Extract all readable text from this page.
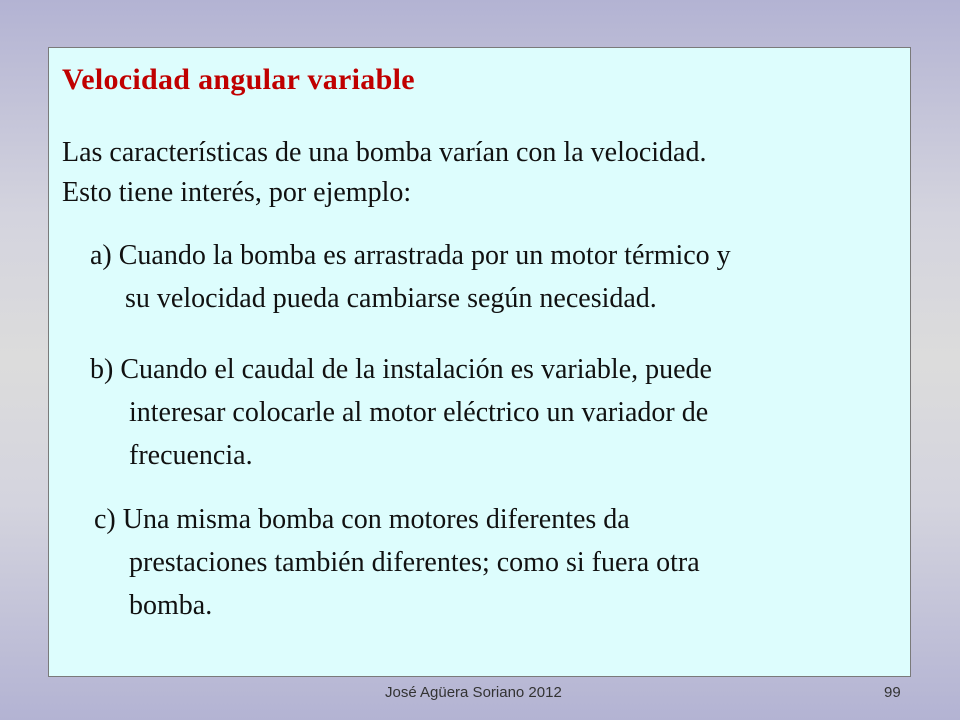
Velocidad angular variable

Las características de una bomba varían con la velocidad.
Esto tiene interés, por ejemplo:

a) Cuando la bomba es arrastrada por un motor térmico y
su velocidad pueda cambiarse según necesidad.

b) Cuando el caudal de la instalación es variable, puede
interesar colocarle al motor eléctrico un variador de
frecuencia.

c) Una misma bomba con motores diferentes da
prestaciones también diferentes; como si fuera otra
bomba.

José Agüera Soriano 2012	99
